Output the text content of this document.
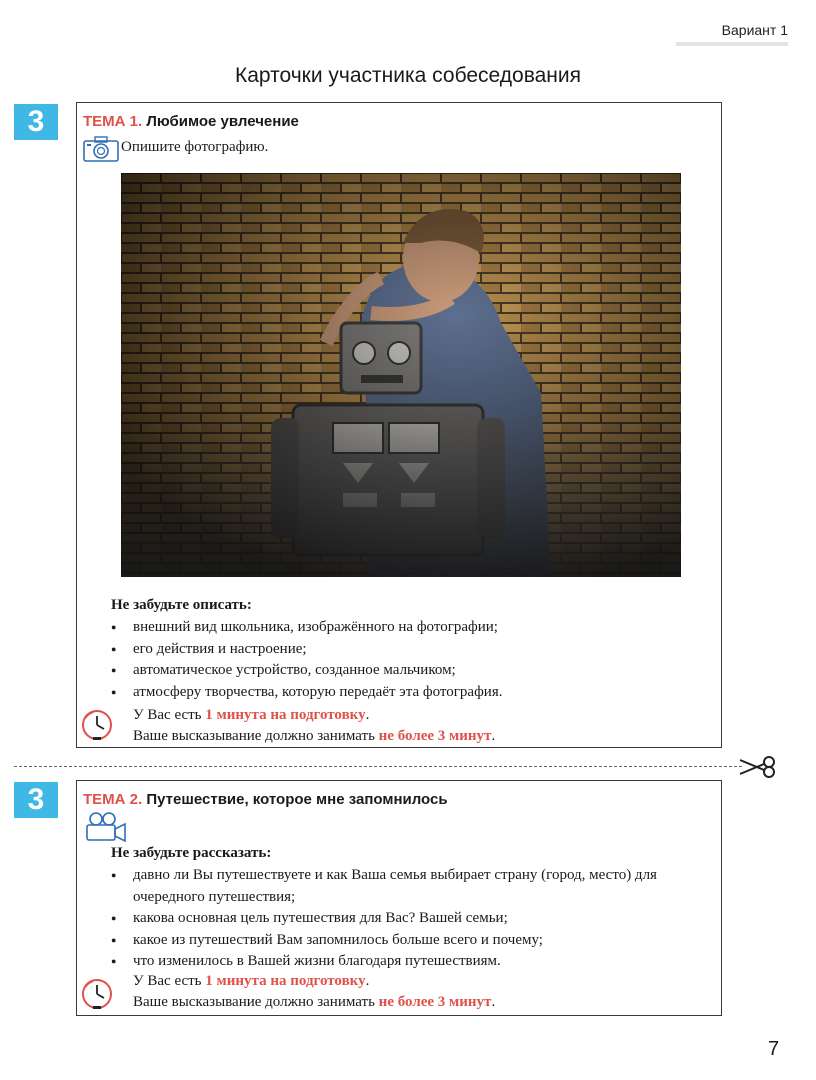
Вариант 1
Карточки участника собеседования
3	ТЕМА 1. Любимое увлечение
Опишите фотографию.
Не забудьте описать:
● внешний вид школьника, изображённого на фотографии;
● его действия и настроение;
● автоматическое устройство, созданное мальчиком;
● атмосферу творчества, которую передаёт эта фотография.
У Вас есть 1 минута на подготовку.
Ваше высказывание должно занимать не более 3 минут.
3	ТЕМА 2. Путешествие, которое мне запомнилось
Не забудьте рассказать:
● давно ли Вы путешествуете и как Ваша семья выбирает страну (город, место) для очередного путешествия;
● какова основная цель путешествия для Вас? Вашей семьи;
● какое из путешествий Вам запомнилось больше всего и почему;
● что изменилось в Вашей жизни благодаря путешествиям.
У Вас есть 1 минута на подготовку.
Ваше высказывание должно занимать не более 3 минут.
7
